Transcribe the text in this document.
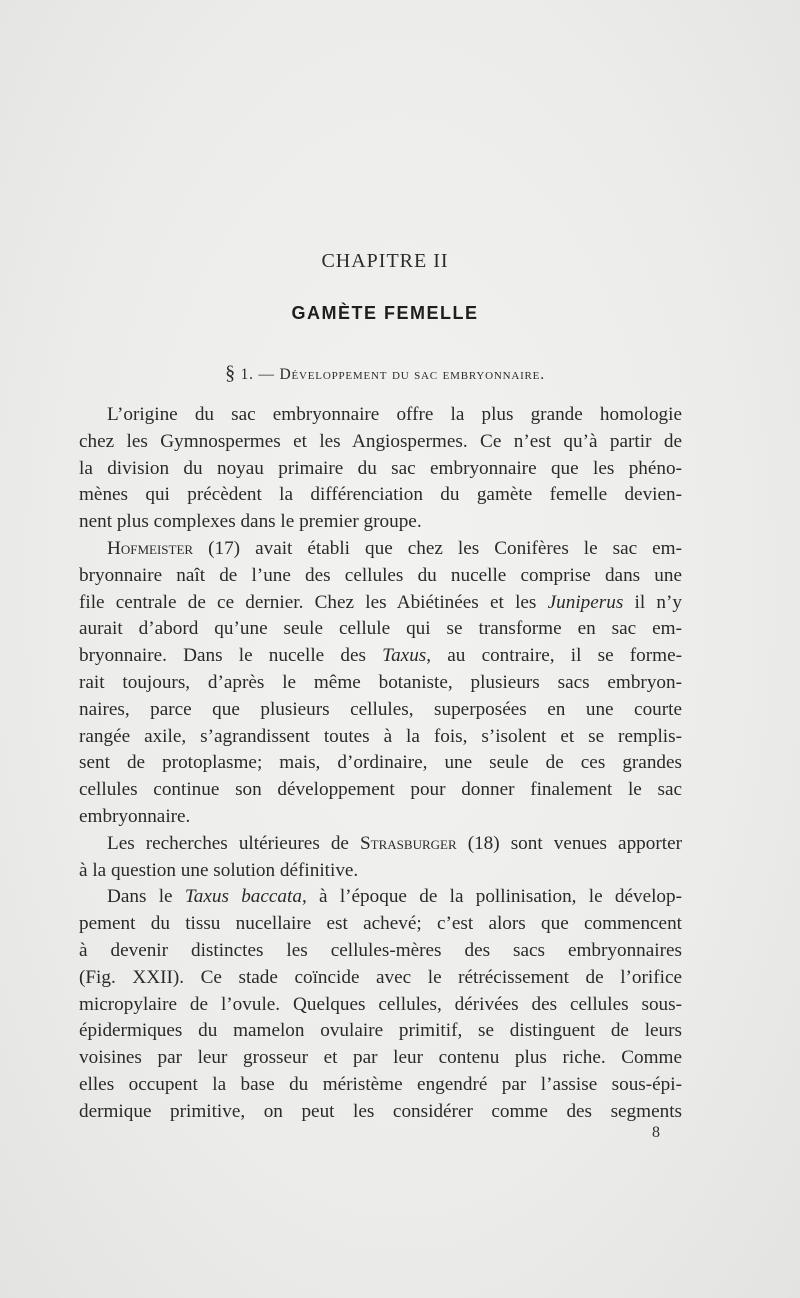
CHAPITRE II
GAMÈTE FEMELLE
§ 1. — Développement du sac embryonnaire.
L’origine du sac embryonnaire offre la plus grande homologie
chez les Gymnospermes et les Angiospermes. Ce n’est qu’à partir de
la division du noyau primaire du sac embryonnaire que les phéno-
mènes qui précèdent la différenciation du gamète femelle devien-
nent plus complexes dans le premier groupe.
Hofmeister (17) avait établi que chez les Conifères le sac em-
bryonnaire naît de l’une des cellules du nucelle comprise dans une
file centrale de ce dernier. Chez les Abiétinées et les Juniperus il n’y
aurait d’abord qu’une seule cellule qui se transforme en sac em-
bryonnaire. Dans le nucelle des Taxus, au contraire, il se forme-
rait toujours, d’après le même botaniste, plusieurs sacs embryon-
naires, parce que plusieurs cellules, superposées en une courte
rangée axile, s’agrandissent toutes à la fois, s’isolent et se remplis-
sent de protoplasme; mais, d’ordinaire, une seule de ces grandes
cellules continue son développement pour donner finalement le sac
embryonnaire.
Les recherches ultérieures de Strasburger (18) sont venues apporter
à la question une solution définitive.
Dans le Taxus baccata, à l’époque de la pollinisation, le dévelop-
pement du tissu nucellaire est achevé; c’est alors que commencent
à devenir distinctes les cellules-mères des sacs embryonnaires
(Fig. XXII). Ce stade coïncide avec le rétrécissement de l’orifice
micropylaire de l’ovule. Quelques cellules, dérivées des cellules sous-
épidermiques du mamelon ovulaire primitif, se distinguent de leurs
voisines par leur grosseur et par leur contenu plus riche. Comme
elles occupent la base du méristème engendré par l’assise sous-épi-
dermique primitive, on peut les considérer comme des segments
8
